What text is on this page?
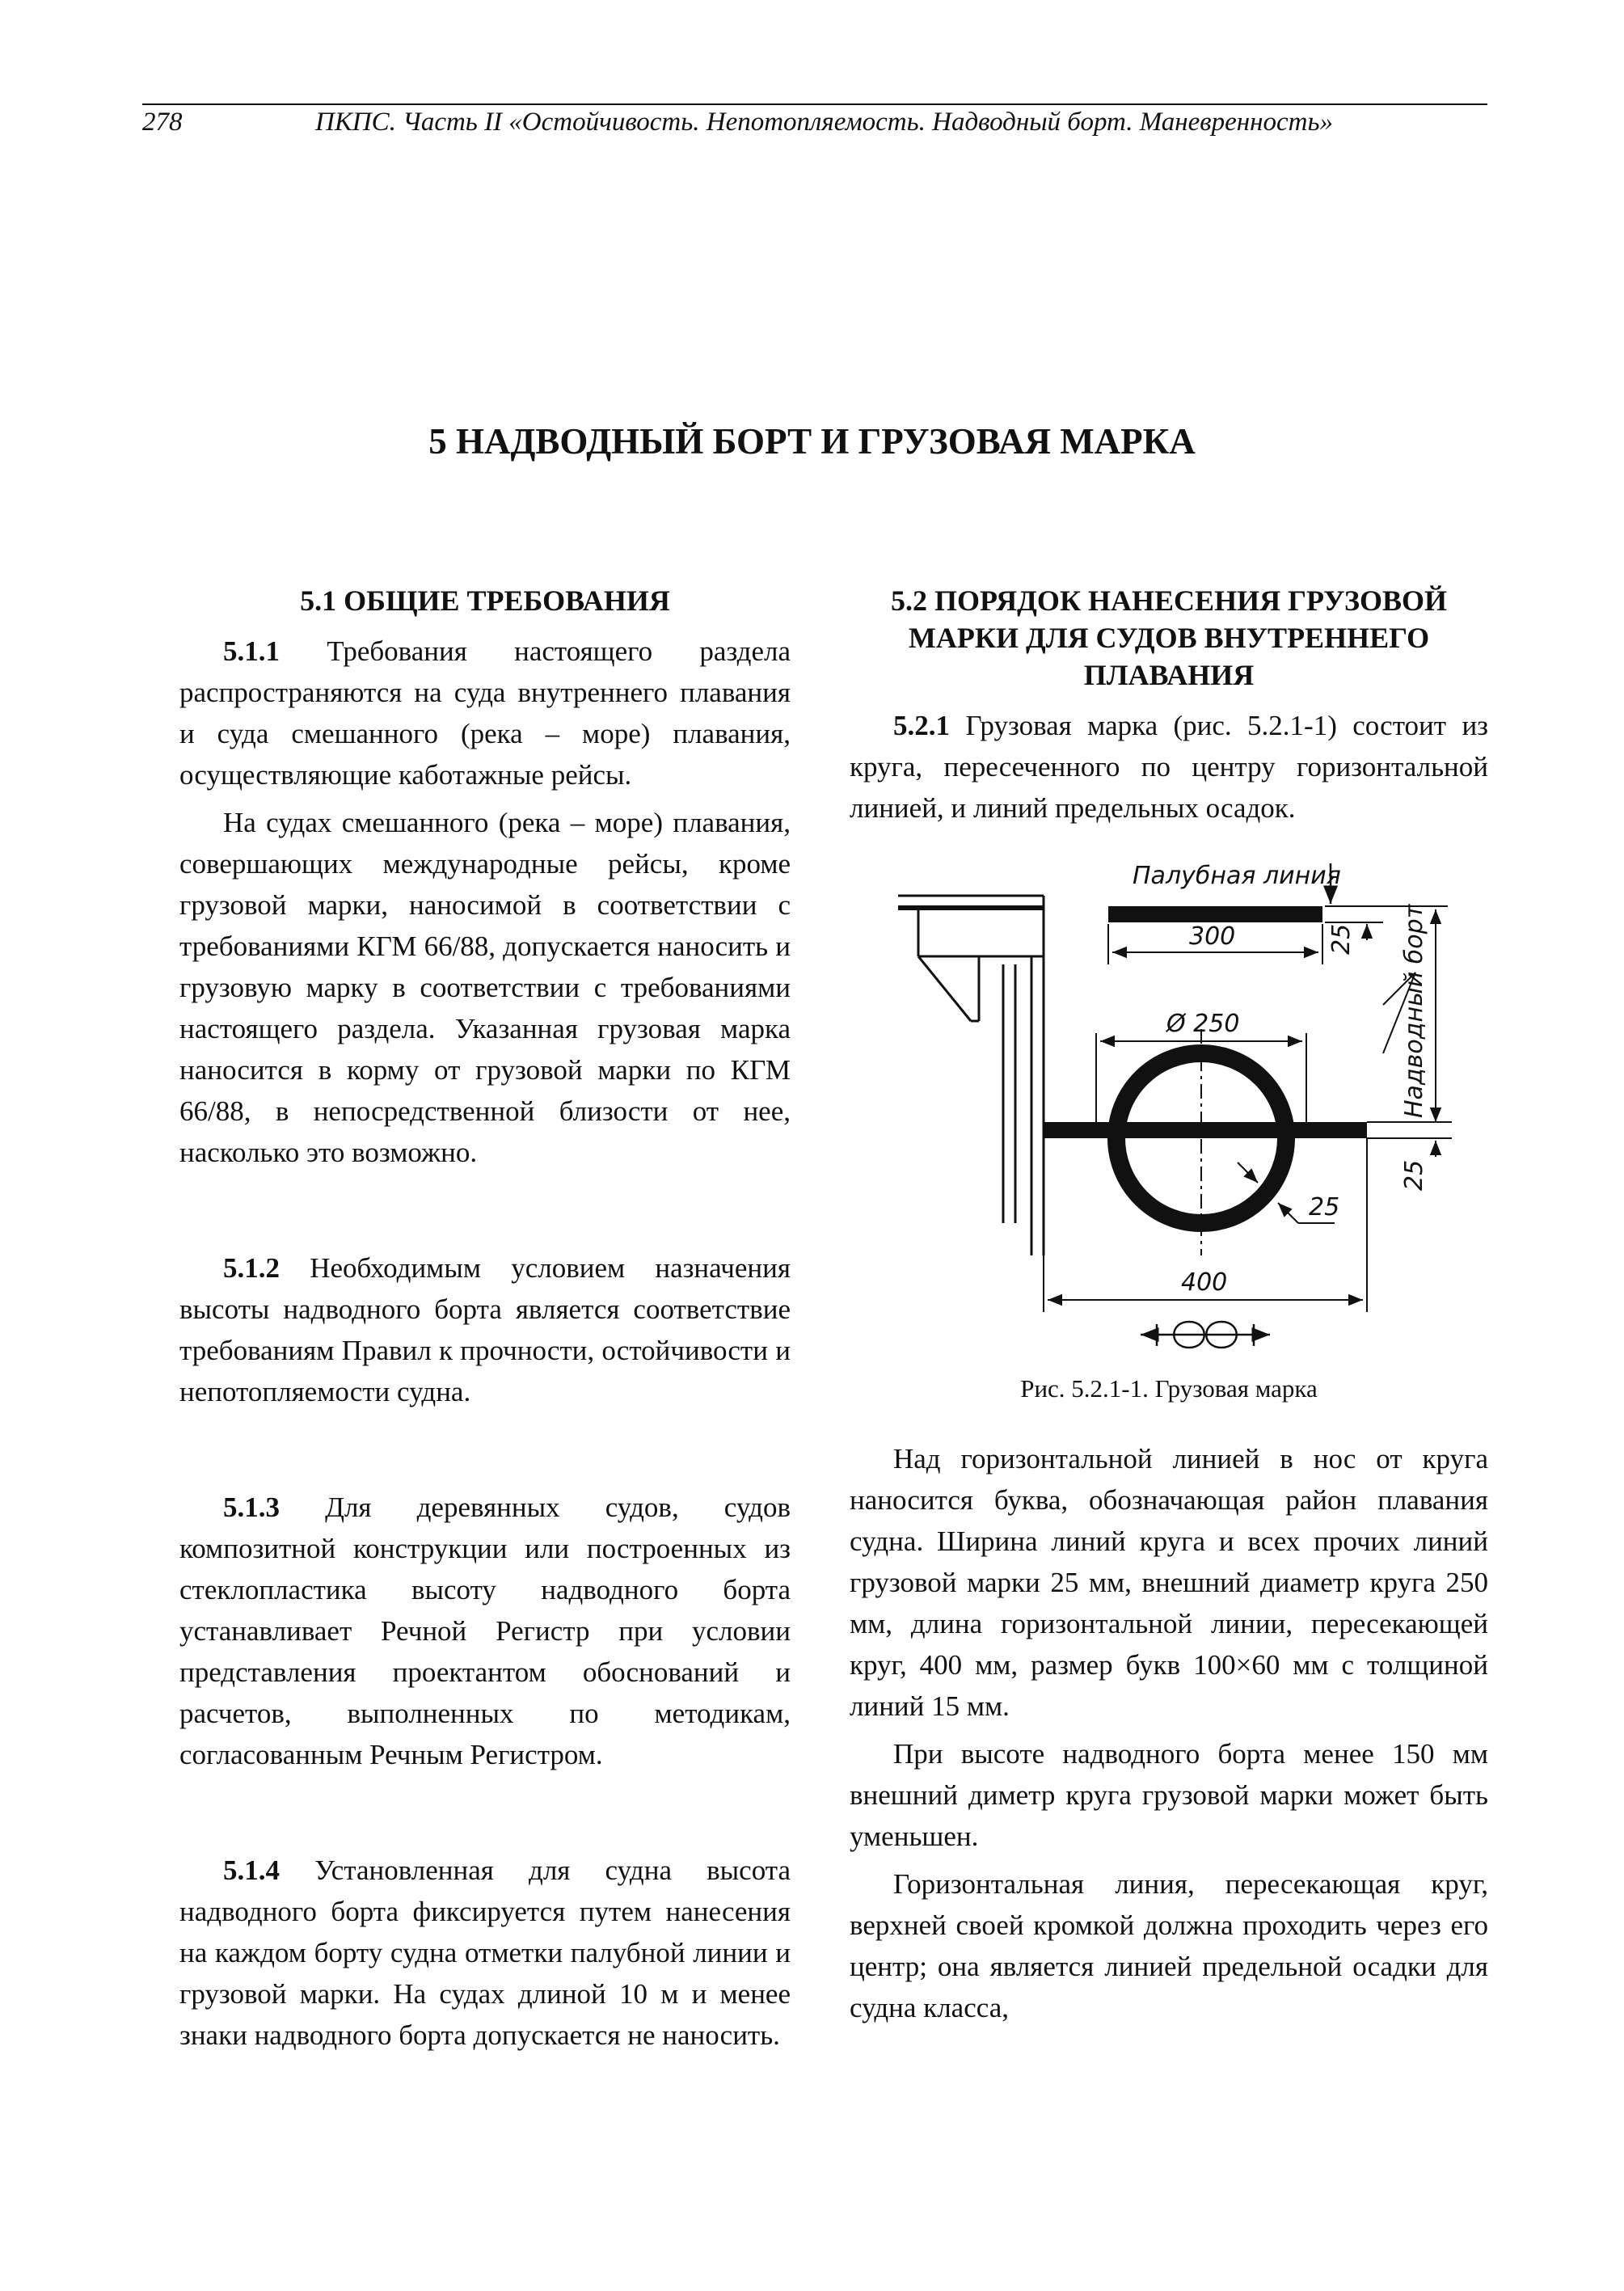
278	ПКПС. Часть II «Остойчивость. Непотопляемость. Надводный борт. Маневренность»
5 НАДВОДНЫЙ БОРТ И ГРУЗОВАЯ МАРКА
5.1 ОБЩИЕ ТРЕБОВАНИЯ

5.1.1 Требования настоящего раздела распространяются на суда внутреннего плавания и суда смешанного (река – море) плавания, осуществляющие каботажные рейсы.

На судах смешанного (река – море) плавания, совершающих международные рейсы, кроме грузовой марки, наносимой в соответствии с требованиями КГМ 66/88, допускается наносить и грузовую марку в соответствии с требованиями настоящего раздела. Указанная грузовая марка наносится в корму от грузовой марки по КГМ 66/88, в непосредственной близости от нее, насколько это возможно.

5.1.2 Необходимым условием назначения высоты надводного борта является соответствие требованиям Правил к прочности, остойчивости и непотопляемости судна.

5.1.3 Для деревянных судов, судов композитной конструкции или построенных из стеклопластика высоту надводного борта устанавливает Речной Регистр при условии представления проектантом обоснований и расчетов, выполненных по методикам, согласованным Речным Регистром.

5.1.4 Установленная для судна высота надводного борта фиксируется путем нанесения на каждом борту судна отметки палубной линии и грузовой марки. На судах длиной 10 м и менее знаки надводного борта допускается не наносить.

5.2 ПОРЯДОК НАНЕСЕНИЯ ГРУЗОВОЙ МАРКИ ДЛЯ СУДОВ ВНУТРЕННЕГО ПЛАВАНИЯ

5.2.1 Грузовая марка (рис. 5.2.1-1) состоит из круга, пересеченного по центру горизонтальной линией, и линий предельных осадок.

Палубная линия
300	25 Надводный борт
Ø 250
25
25
400
Рис. 5.2.1-1. Грузовая марка

Над горизонтальной линией в нос от круга наносится буква, обозначающая район плавания судна. Ширина линий круга и всех прочих линий грузовой марки 25 мм, внешний диаметр круга 250 мм, длина горизонтальной линии, пересекающей круг, 400 мм, размер букв 100×60 мм с толщиной линий 15 мм.

При высоте надводного борта менее 150 мм внешний диметр круга грузовой марки может быть уменьшен.

Горизонтальная линия, пересекающая круг, верхней своей кромкой должна проходить через его центр; она является линией предельной осадки для судна класса,
